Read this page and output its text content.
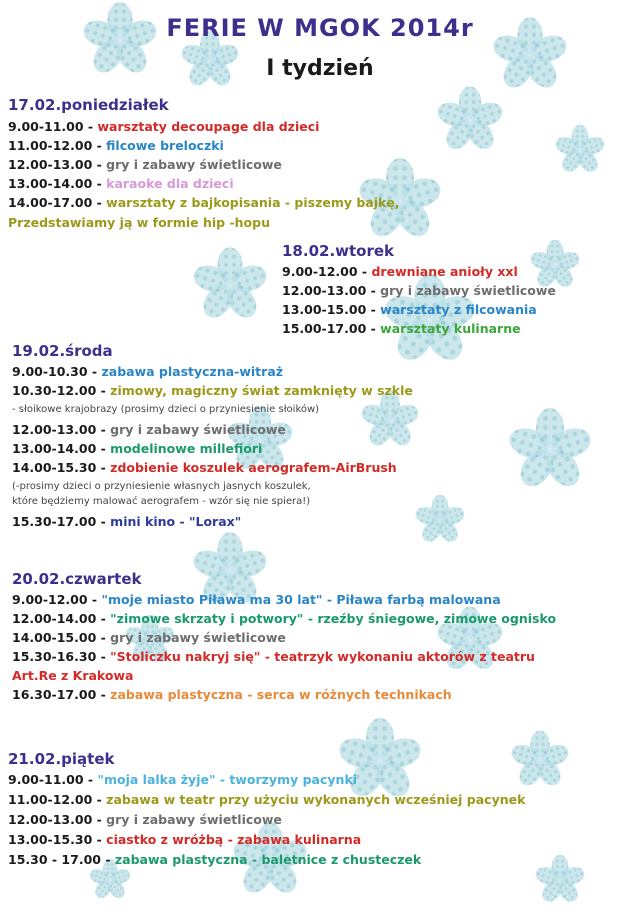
FERIE W MGOK 2014r
I tydzień
17.02.poniedziałek
9.00-11.00 - warsztaty decoupage dla dzieci
11.00-12.00 - filcowe breloczki
12.00-13.00 - gry i zabawy świetlicowe
13.00-14.00 - karaoke dla dzieci
14.00-17.00 - warsztaty z bajkopisania - piszemy bajkę,
Przedstawiamy ją w formie hip -hopu
18.02.wtorek
9.00-12.00 - drewniane anioły xxl
12.00-13.00 - gry i zabawy świetlicowe
13.00-15.00 - warsztaty z filcowania
15.00-17.00 - warsztaty kulinarne
19.02.środa
9.00-10.30 - zabawa plastyczna-witraż
10.30-12.00 - zimowy, magiczny świat zamknięty w szkle
- słoikowe krajobrazy (prosimy dzieci o przyniesienie słoików)
12.00-13.00 - gry i zabawy świetlicowe
13.00-14.00 - modelinowe millefiori
14.00-15.30 - zdobienie koszulek aerografem-AirBrush
(-prosimy dzieci o przyniesienie własnych jasnych koszulek,
które będziemy malować aerografem - wzór się nie spiera!)
15.30-17.00 - mini kino - "Lorax"
20.02.czwartek
9.00-12.00 - "moje miasto Piława ma 30 lat" - Piława farbą malowana
12.00-14.00 - "zimowe skrzaty i potwory" - rzeźby śniegowe, zimowe ognisko
14.00-15.00 - gry i zabawy świetlicowe
15.30-16.30 - "Stoliczku nakryj się" - teatrzyk wykonaniu aktorów z teatru
Art.Re z Krakowa
16.30-17.00 - zabawa plastyczna - serca w różnych technikach
21.02.piątek
9.00-11.00 - "moja lalka żyje" - tworzymy pacynki
11.00-12.00 - zabawa w teatr przy użyciu wykonanych wcześniej pacynek
12.00-13.00 - gry i zabawy świetlicowe
13.00-15.30 - ciastko z wróżbą - zabawa kulinarna
15.30 - 17.00 - zabawa plastyczna - baletnice z chusteczek
